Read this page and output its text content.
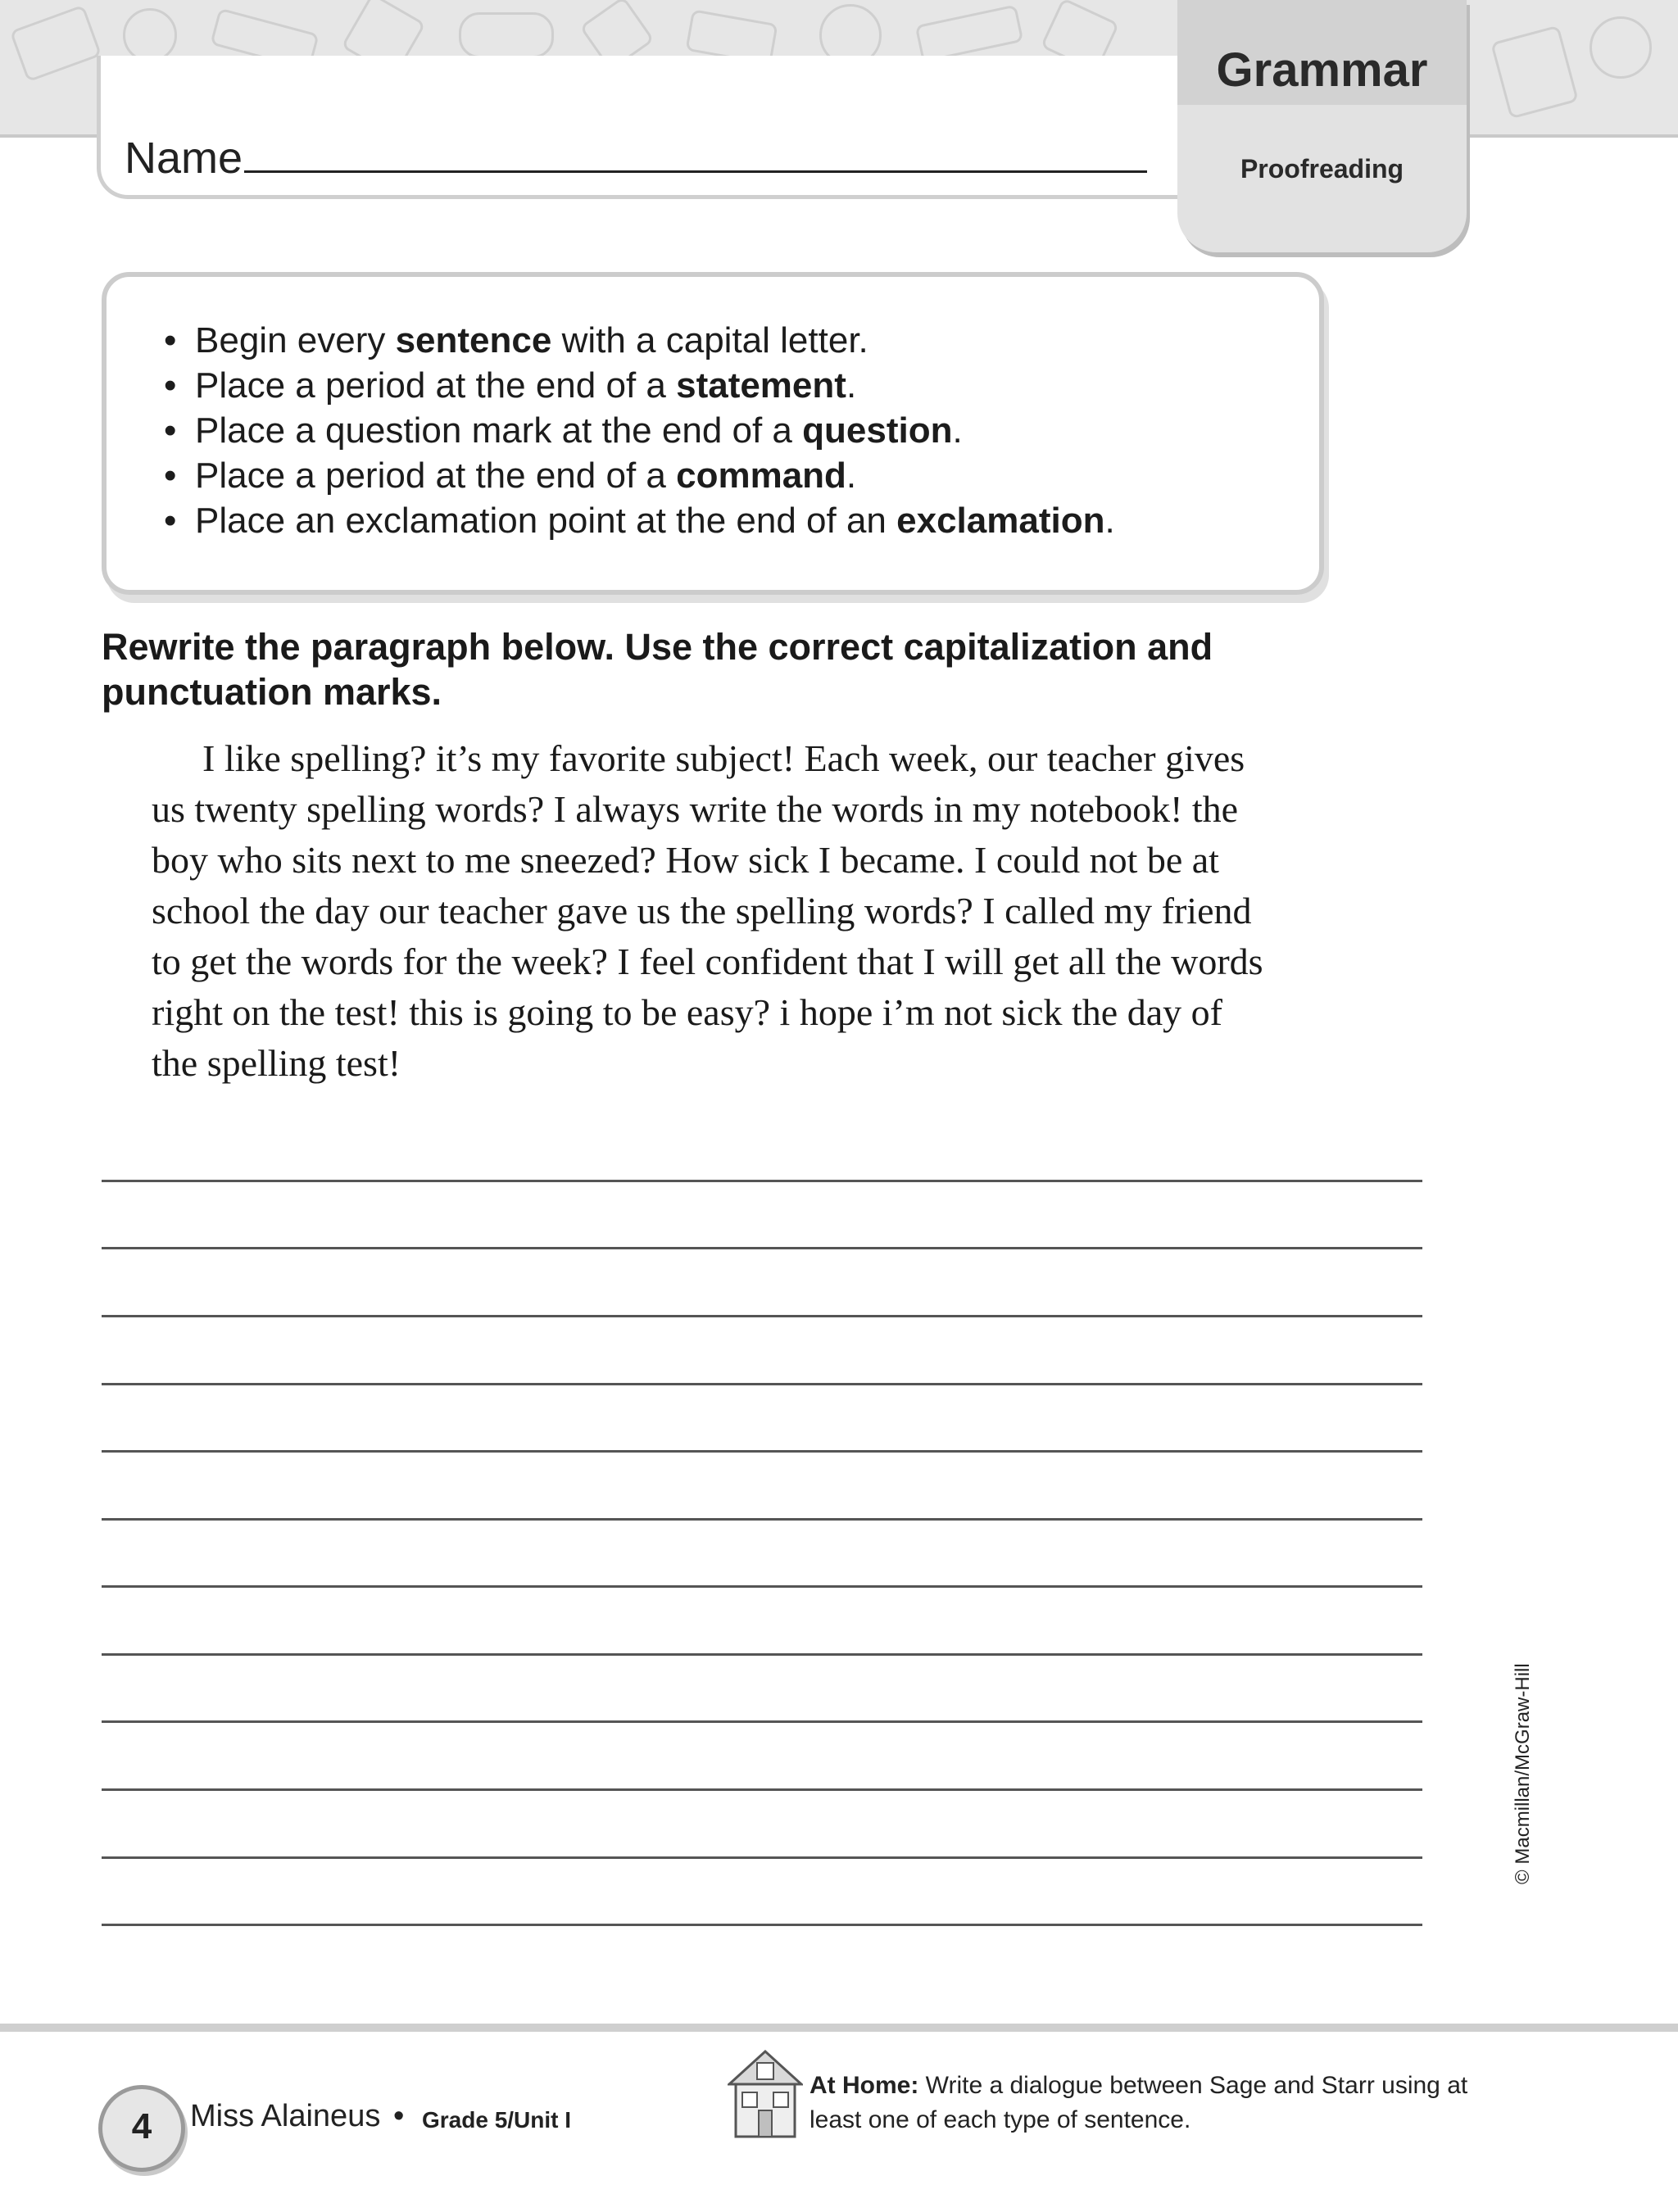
Name
Grammar
Proofreading
• Begin every sentence with a capital letter.
• Place a period at the end of a statement.
• Place a question mark at the end of a question.
• Place a period at the end of a command.
• Place an exclamation point at the end of an exclamation.
Rewrite the paragraph below. Use the correct capitalization and
punctuation marks.
I like spelling? it’s my favorite subject! Each week, our teacher gives
us twenty spelling words? I always write the words in my notebook! the
boy who sits next to me sneezed? How sick I became. I could not be at
school the day our teacher gave us the spelling words? I called my friend
to get the words for the week? I feel confident that I will get all the words
right on the test! this is going to be easy? i hope i’m not sick the day of
the spelling test!
© Macmillan/McGraw-Hill
4	Miss Alaineus • Grade 5/Unit I
At Home: Write a dialogue between Sage and Starr using at
least one of each type of sentence.
